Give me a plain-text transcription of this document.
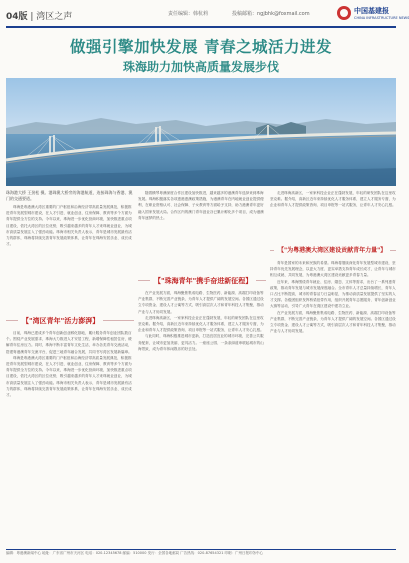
04版 | 湾区之声	责任编辑：韩杭莉	投稿邮箱：ngjbhk@foxmail.com	中国基建报
CHINA INFRASTRUCTURE NEWS
做强引擎加快发展 青春之城活力进发
珠海助力加快高质量发展步伐
珠海港大桥 王劲松 摄。港珠澳大桥旁的海港航道，连接珠海与香港、澳门的交通要道。

珠海是粤港澳大湾区重要的门户枢纽和沿海经济带高质量发展典范，积极推进青年发展型城市建设，在人才引进、就业创业、住房保障、教育等多个方面为青年提供全方位的支持。今年以来，珠海进一步优化营商环境，加快推进重点项目建设，依托大湾区的区位优势，吸引越来越多的青年人才来珠就业创业，为城市高质量发展注入了强劲动能。珠海市相关负责人表示，青年是城市发展最有活力的群体，珠海将持续完善青年发展政策体系，让青年在珠海安居乐业、成长成才。

【"湾区青年"活力澎湃】

目前，珠海已建成多个青年创新创业孵化基地，累计服务青年创业团队数百个。围绕产业发展需求，珠海大力推进人才安居工程，新增保障性租赁住房，缓解青年住房压力。同时，珠海不断丰富青年文化生活，举办各类青年交流活动，搭建粤港澳青年交流平台，促进三地青年融合发展，共同书写湾区发展新篇章。

珠海是粤港澳大湾区重要的门户枢纽和沿海经济带高质量发展典范，积极推进青年发展型城市建设，在人才引进、就业创业、住房保障、教育等多个方面为青年提供全方位的支持。今年以来，珠海进一步优化营商环境，加快推进重点项目建设，依托大湾区的区位优势，吸引越来越多的青年人才来珠就业创业，为城市高质量发展注入了强劲动能。珠海市相关负责人表示，青年是城市发展最有活力的群体，珠海将持续完善青年发展政策体系，让青年在珠海安居乐业、成长成才。

随着横琴粤澳深度合作区建设加快推进，越来越多的港澳青年选择来到珠海发展。珠海积极落实各项惠港惠澳政策措施，为港澳青年在内地就业创业提供便利，在职业资格认可、社会保障、子女教育等方面给予支持，助力港澳青年更好融入国家发展大局。合作区内的澳门青年创业谷已累计孵化多个项目，成为港澳青年逐梦的热土。

【"珠海青年"携手奋进新征程】

在产业发展方面，珠海聚焦集成电路、生物医药、新能源、高端打印设备等产业集群，不断完善产业链条，为青年人才提供广阔的发展空间。各园区通过设立专项资金、建设人才公寓等方式，吸引高层次人才和青年科技人才集聚，推动产业与人才协同发展。

走进珠海高新区，一家家科技企业正在蓬勃发展，年轻的研发团队在这里攻坚克难。据介绍，高新区近年来持续优化人才服务体系，建立人才服务专窗，为企业和青年人才提供政策咨询、项目申报等一站式服务，让青年人才安心扎根。

与此同时，珠海积极推进城市更新，打造宜居宜业的城市环境，完善公共服务配套，让城市更加美丽、更具活力。一座座公园、一条条绿道串联起城市的山海景致，成为青年休闲娱乐的好去处。

走进珠海高新区，一家家科技企业正在蓬勃发展，年轻的研发团队在这里攻坚克难。据介绍，高新区近年来持续优化人才服务体系，建立人才服务专窗，为企业和青年人才提供政策咨询、项目申报等一站式服务，让青年人才安心扎根。

【"为粤港澳大湾区建设贡献青年力量"】

青年是国家的未来和民族的希望。珠海将继续深化青年发展型城市建设，坚持青年优先发展理念，以更大力度、更实举措支持青年成长成才，让青年与城市相互成就、共同发展，为粤港澳大湾区建设贡献更多青春力量。

近年来，珠海围绕青年就业、住房、婚恋、文体等需求，出台了一系列惠青政策，推动青年发展与城市发展深度融合。全市青年人才总量持续增长，青年人口占比不断提高，城市的青春活力日益彰显，为推动高质量发展提供了坚实的人才支撑。各级团组织发挥桥梁纽带作用，组织开展青年志愿服务、青年创新创业大赛等活动，引导广大青年在湾区建设中建功立业。

在产业发展方面，珠海聚焦集成电路、生物医药、新能源、高端打印设备等产业集群，不断完善产业链条，为青年人才提供广阔的发展空间。各园区通过设立专项资金、建设人才公寓等方式，吸引高层次人才和青年科技人才集聚，推动产业与人才协同发展。

编辑：粤港澳新闻中心 地址：广东省广州市天河区 电话：020-12345678 邮编：510000 发行：全国各地邮局 广告热线：020-87654321 印刷：广州日报印务中心
